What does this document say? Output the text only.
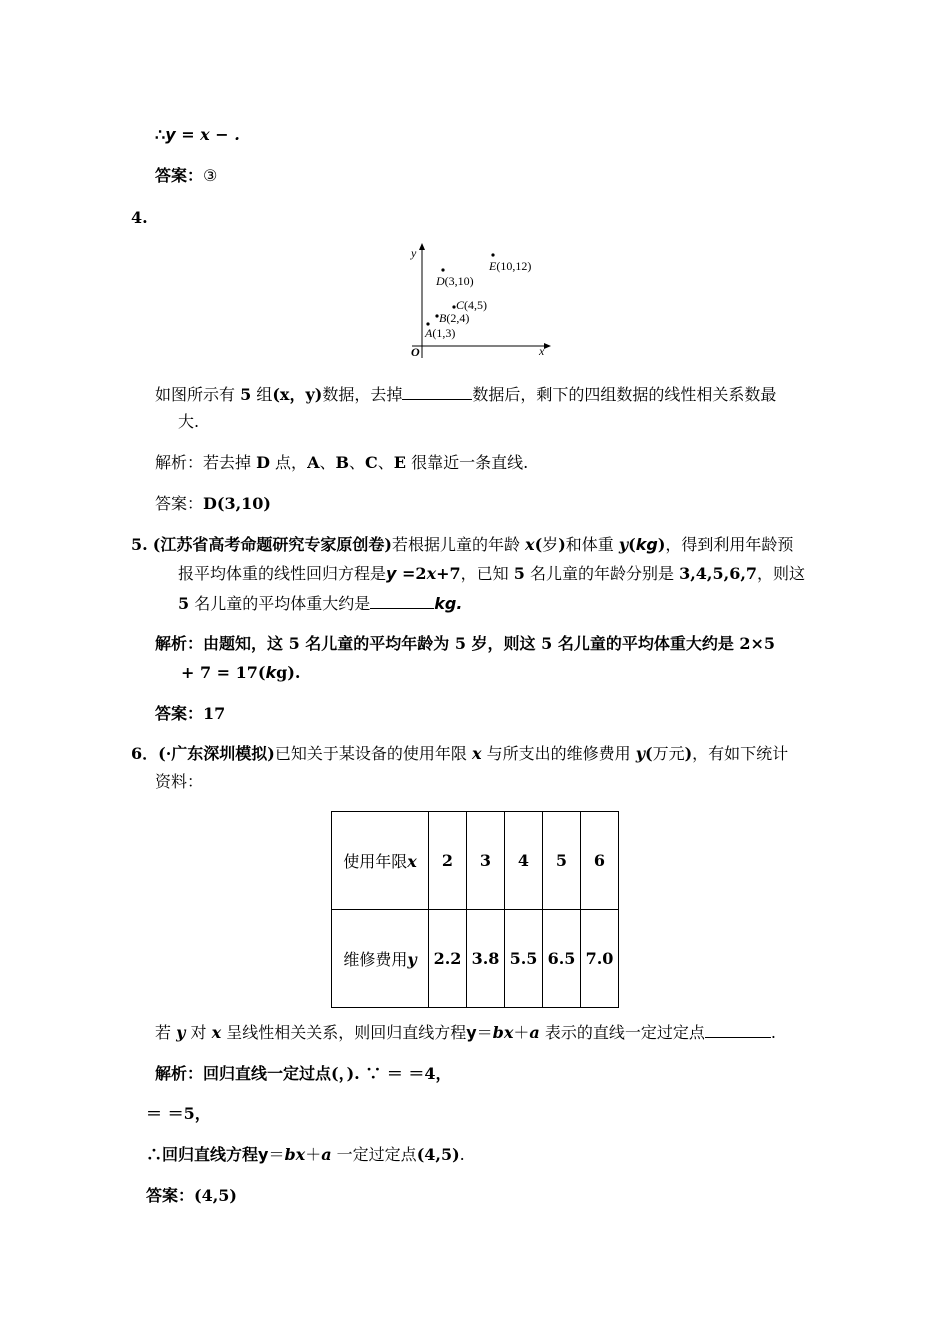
∴y = x − .
答案：③
4.
y
x
O
A(1,3)
B(2,4)
C(4,5)
D(3,10)
E(10,12)
如图所示有 5 组(x，y)数据，去掉	数据后，剩下的四组数据的线性相关系数最
大.
解析：若去掉 D 点，A、B、C、E 很靠近一条直线.
答案：D(3,10)
5. (江苏省高考命题研究专家原创卷)若根据儿童的年龄 x(岁)和体重 y(kg)，得到利用年龄预
报平均体重的线性回归方程是y =2x+7，已知 5 名儿童的年龄分别是 3,4,5,6,7，则这
5 名儿童的平均体重大约是	kg.
解析：由题知，这 5 名儿童的平均年龄为 5 岁，则这 5 名儿童的平均体重大约是 2×5
+ 7 = 17(kg).
答案：17
6．(·广东深圳模拟)已知关于某设备的使用年限 x 与所支出的维修费用 y(万元)，有如下统计
资料：
使用年限x	2	3	4	5	6
维修费用y	2.2	3.8	5.5	6.5	7.0
若 y 对 x 呈线性相关关系，则回归直线方程y＝bx＋a 表示的直线一定过定点	.
解析：回归直线一定过点(，). ∵ ＝ ＝4，
＝ ＝5，
∴回归直线方程y＝bx＋a 一定过定点(4,5).
答案：(4,5)
